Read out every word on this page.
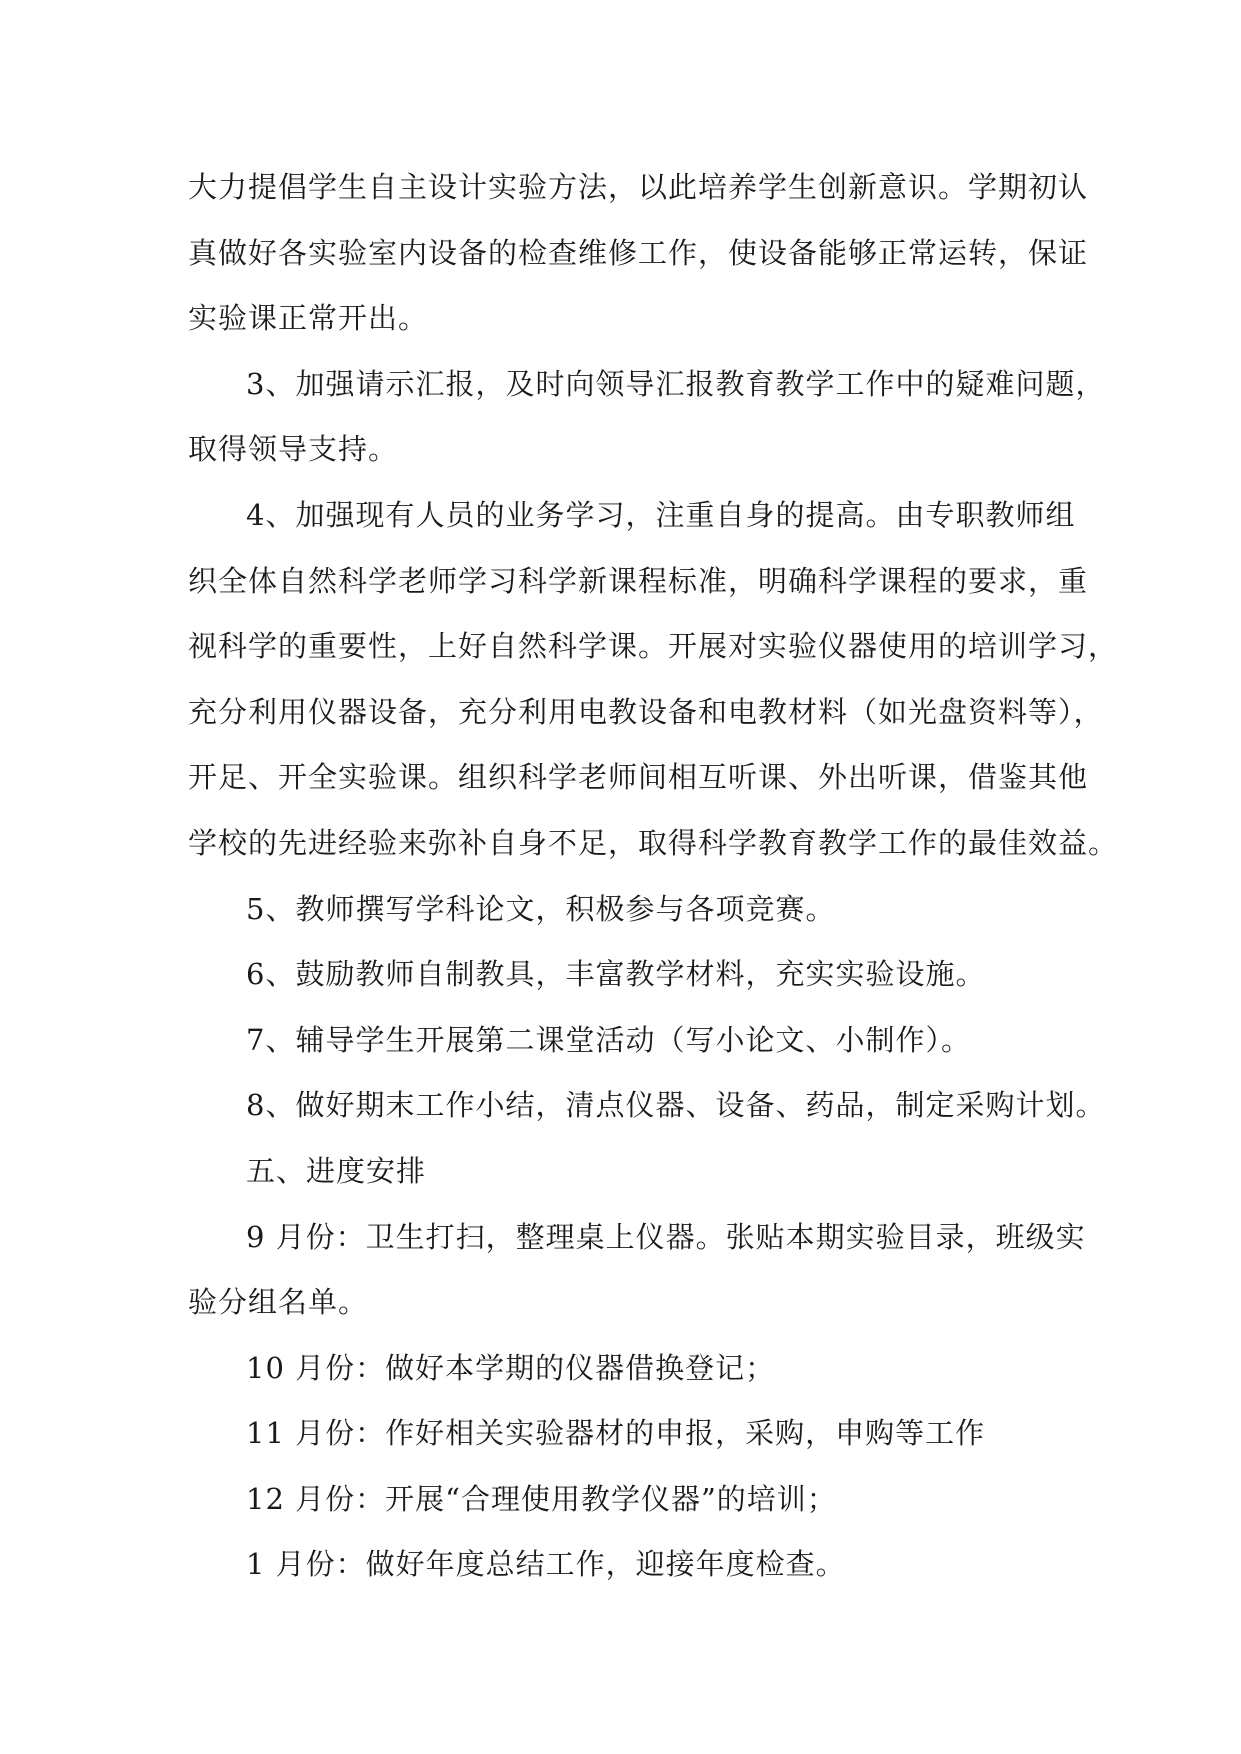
大力提倡学生自主设计实验方法，以此培养学生创新意识。学期初认
真做好各实验室内设备的检查维修工作，使设备能够正常运转，保证
实验课正常开出。
3、加强请示汇报，及时向领导汇报教育教学工作中的疑难问题，
取得领导支持。
4、加强现有人员的业务学习，注重自身的提高。由专职教师组
织全体自然科学老师学习科学新课程标准，明确科学课程的要求，重
视科学的重要性，上好自然科学课。开展对实验仪器使用的培训学习，
充分利用仪器设备，充分利用电教设备和电教材料（如光盘资料等），
开足、开全实验课。组织科学老师间相互听课、外出听课，借鉴其他
学校的先进经验来弥补自身不足，取得科学教育教学工作的最佳效益。
5、教师撰写学科论文，积极参与各项竞赛。
6、鼓励教师自制教具，丰富教学材料，充实实验设施。
7、辅导学生开展第二课堂活动（写小论文、小制作）。
8、做好期末工作小结，清点仪器、设备、药品，制定采购计划。
五、进度安排
9 月份：卫生打扫，整理桌上仪器。张贴本期实验目录，班级实
验分组名单。
10 月份：做好本学期的仪器借换登记；
11 月份：作好相关实验器材的申报，采购，申购等工作
12 月份：开展“合理使用教学仪器”的培训；
1 月份：做好年度总结工作，迎接年度检查。
